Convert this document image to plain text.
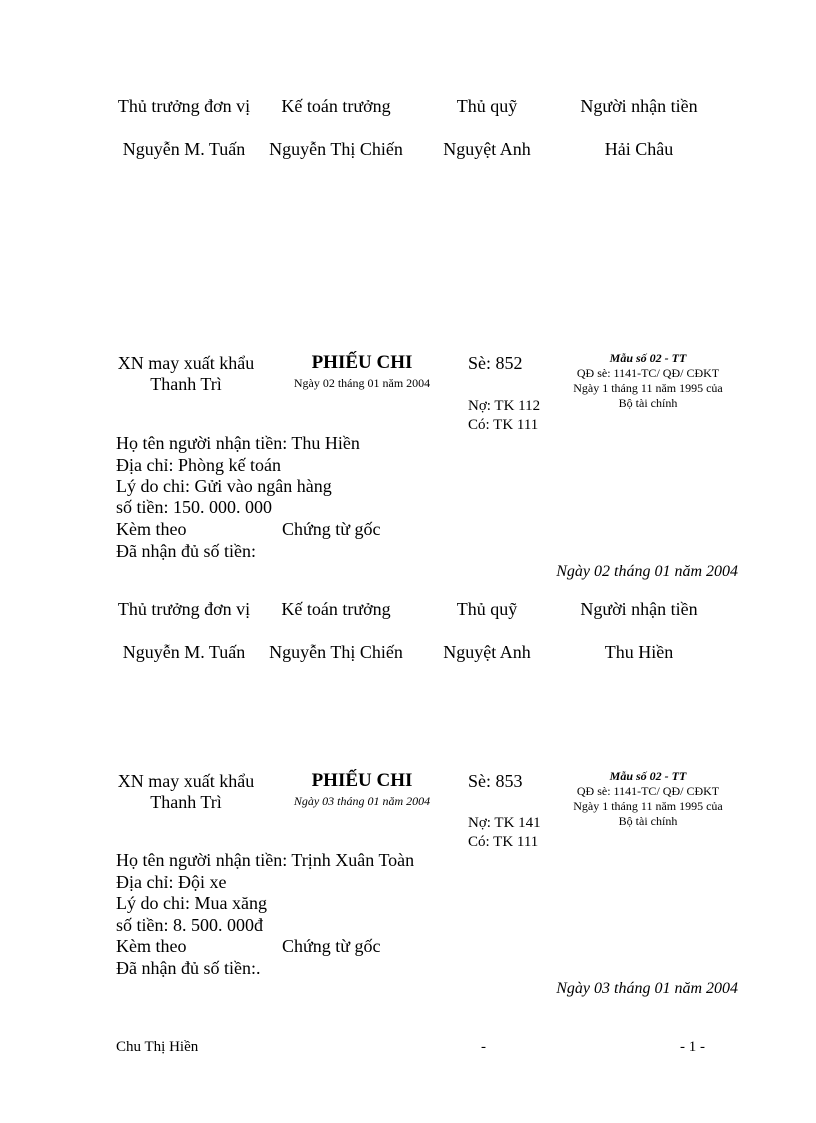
Thủ trưởng đơn vị	Kế toán trưởng	Thủ quỹ	Người nhận tiền
Nguyễn M. Tuấn	Nguyễn Thị Chiến	Nguyệt Anh	Hải Châu
XN may xuất khẩu Thanh Trì
PHIẾU CHI
Ngày 02 tháng 01 năm 2004
Sè: 852
Nợ: TK 112
Có: TK 111
Mẫu số 02 - TT
QĐ sè: 1141-TC/ QĐ/ CĐKT
Ngày 1 tháng 11 năm 1995 của Bộ tài chính
Họ tên người nhận tiền: Thu Hiền
Địa chỉ: Phòng kế toán
Lý do chi: Gửi vào ngân hàng
số tiền: 150. 000. 000
Kèm theo	Chứng từ gốc
Đã nhận đủ số tiền:
Ngày 02 tháng 01 năm 2004
Thủ trưởng đơn vị	Kế toán trưởng	Thủ quỹ	Người nhận tiền
Nguyễn M. Tuấn	Nguyễn Thị Chiến	Nguyệt Anh	Thu Hiền
XN may xuất khẩu Thanh Trì
PHIẾU CHI
Ngày 03 tháng 01 năm 2004
Sè: 853
Nợ: TK 141
Có: TK 111
Mẫu số 02 - TT
QĐ sè: 1141-TC/ QĐ/ CĐKT
Ngày 1 tháng 11 năm 1995 của Bộ tài chính
Họ tên người nhận tiền: Trịnh Xuân Toàn
Địa chỉ: Đội xe
Lý do chi: Mua xăng
số tiền: 8. 500. 000đ
Kèm theo	Chứng từ gốc
Đã nhận đủ số tiền:.
Ngày 03 tháng 01 năm 2004
Chu Thị Hiền	-	- 1 -
